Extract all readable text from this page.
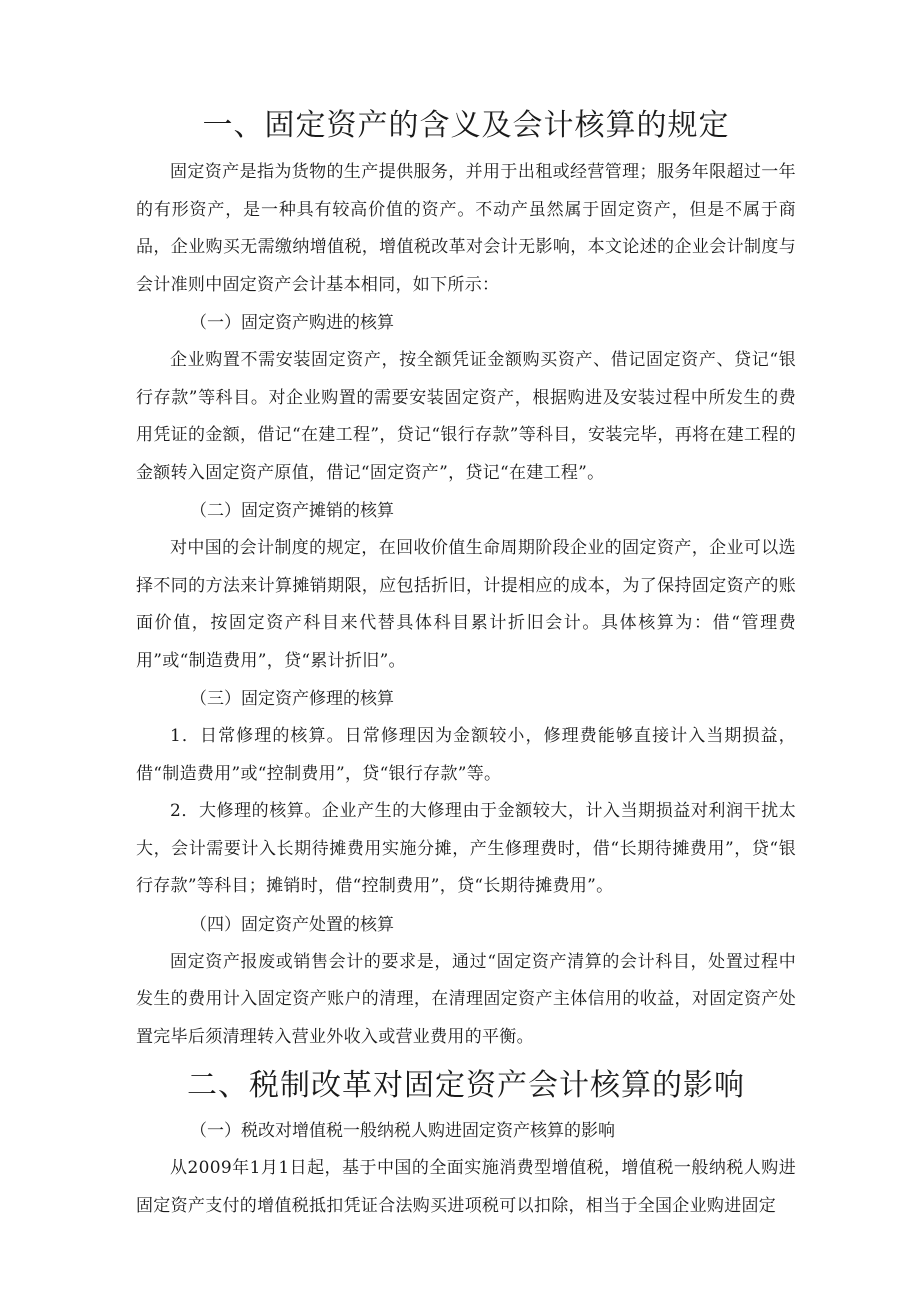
一、固定资产的含义及会计核算的规定

固定资产是指为货物的生产提供服务，并用于出租或经营管理；服务年限超过一年的有形资产，是一种具有较高价值的资产。不动产虽然属于固定资产，但是不属于商品，企业购买无需缴纳增值税，增值税改革对会计无影响，本文论述的企业会计制度与会计准则中固定资产会计基本相同，如下所示：

（一）固定资产购进的核算

企业购置不需安装固定资产，按全额凭证金额购买资产、借记固定资产、贷记“银行存款”等科目。对企业购置的需要安装固定资产，根据购进及安装过程中所发生的费用凭证的金额，借记“在建工程”，贷记“银行存款”等科目，安装完毕，再将在建工程的金额转入固定资产原值，借记“固定资产”，贷记“在建工程”。

（二）固定资产摊销的核算

对中国的会计制度的规定，在回收价值生命周期阶段企业的固定资产，企业可以选择不同的方法来计算摊销期限，应包括折旧，计提相应的成本，为了保持固定资产的账面价值，按固定资产科目来代替具体科目累计折旧会计。具体核算为：借“管理费用”或“制造费用”，贷“累计折旧”。

（三）固定资产修理的核算

1．日常修理的核算。日常修理因为金额较小，修理费能够直接计入当期损益，借“制造费用”或“控制费用”，贷“银行存款”等。

2．大修理的核算。企业产生的大修理由于金额较大，计入当期损益对利润干扰太大，会计需要计入长期待摊费用实施分摊，产生修理费时，借“长期待摊费用”，贷“银行存款”等科目；摊销时，借“控制费用”，贷“长期待摊费用”。

（四）固定资产处置的核算

固定资产报废或销售会计的要求是，通过“固定资产清算的会计科目，处置过程中发生的费用计入固定资产账户的清理，在清理固定资产主体信用的收益，对固定资产处置完毕后须清理转入营业外收入或营业费用的平衡。

二、税制改革对固定资产会计核算的影响
（一）税改对增值税一般纳税人购进固定资产核算的影响

从2009年1月1日起，基于中国的全面实施消费型增值税，增值税一般纳税人购进固定资产支付的增值税抵扣凭证合法购买进项税可以扣除，相当于全国企业购进固定
